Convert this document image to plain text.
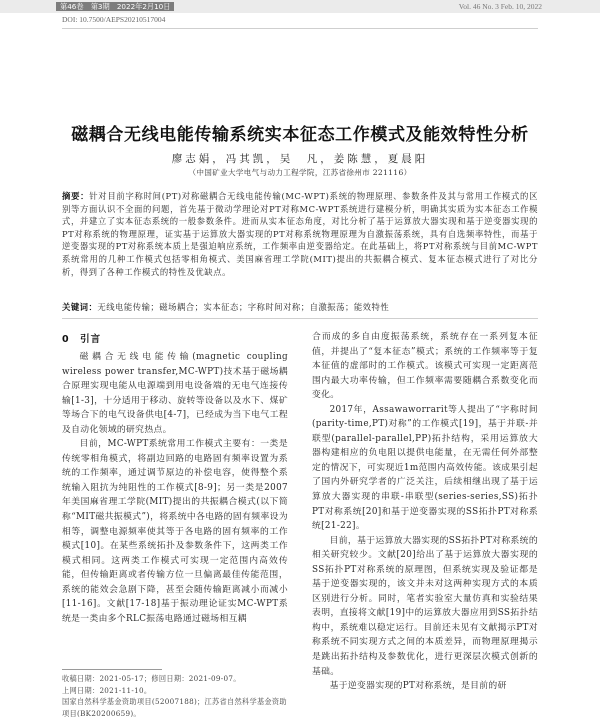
第46卷　第3期　2022年2月10日	Vol. 46 No. 3 Feb. 10, 2022
DOI: 10.7500/AEPS20210517004
磁耦合无线电能传输系统实本征态工作模式及能效特性分析
廖志娟，冯其凯，吴　凡，姜陈慧，夏晨阳
（中国矿业大学电气与动力工程学院，江苏省徐州市 221116）
摘要：针对目前字称时间(PT)对称磁耦合无线电能传输(MC-WPT)系统的物理原理、参数条件及其与常用工作模式的区别等方面认识不全面的问题，首先基于微动学理论对PT对称MC-WPT系统进行建模分析，明确其实质为实本征态工作模式，并建立了实本征态系统的一般参数条件。进而从实本征态角度，对比分析了基于运算放大器实现和基于逆变器实现的PT对称系统的物理原理，证实基于运算放大器实现的PT对称系统物理原理为自激振荡系统，具有自选频率特性，而基于逆变器实现的PT对称系统本质上是强迫响应系统，工作频率由逆变器给定。在此基础上，将PT对称系统与目前MC-WPT系统常用的几种工作模式包括零相角模式、美国麻省理工学院(MIT)提出的共振耦合模式、复本征态模式进行了对比分析，得到了各种工作模式的特性及优缺点。
关键词：无线电能传输；磁场耦合；实本征态；字称时间对称；自激振荡；能效特性
0　引言

磁耦合无线电能传输(magnetic coupling wireless power transfer,MC-WPT)技术基于磁场耦合原理实现电能从电源端到用电设备端的无电气连接传输[1-3]，十分适用于移动、旋转等设备以及水下、煤矿等场合下的电气设备供电[4-7]，已经成为当下电气工程及自动化领域的研究热点。

目前，MC-WPT系统常用工作模式主要有：一类是传统零相角模式，将副边回路的电路固有频率设置为系统的工作频率，通过调节原边的补偿电容，使得整个系统输入阻抗为纯阻性的工作模式[8-9]；另一类是2007年美国麻省理工学院(MIT)提出的共振耦合模式(以下简称“MIT磁共振模式”)，将系统中各电路的固有频率设为相等，调整电源频率使其等于各电路的固有频率的工作模式[10]。在某些系统拓扑及参数条件下，这两类工作模式相同。这两类工作模式可实现一定范围内高效传能，但传输距离或者传输方位一旦偏离最佳传能范围，系统的能效会急剧下降，甚至会随传输距离减小而减小[11-16]。文献[17-18]基于振动理论证实MC-WPT系统是一类由多个RLC振荡电路通过磁场相互耦

合而成的多自由度振荡系统，系统存在一系列复本征值，并提出了“复本征态”模式；系统的工作频率等于复本征值的虚部时的工作模式。该模式可实现一定距离范围内最大功率传输，但工作频率需要随耦合系数变化而变化。

2017年，Assawaworrarit等人提出了“字称时间(parity-time,PT)对称”的工作模式[19]，基于并联-并联型(parallel-parallel,PP)拓扑结构，采用运算放大器构建相应的负电阻以提供电能量，在无需任何外部整定的情况下，可实现近1m范围内高效传能。该成果引起了国内外研究学者的广泛关注，后续相继出现了基于运算放大器实现的串联-串联型(series-series,SS)拓扑PT对称系统[20]和基于逆变器实现的SS拓扑PT对称系统[21-22]。

目前，基于运算放大器实现的SS拓扑PT对称系统的相关研究较少。文献[20]给出了基于运算放大器实现的SS拓扑PT对称系统的原理图，但系统实现及验证都是基于逆变器实现的，该文并未对这两种实现方式的本质区别进行分析。同时，笔者实验室大量仿真和实验结果表明，直接将文献[19]中的运算放大器应用到SS拓扑结构中，系统难以稳定运行。目前还未见有文献揭示PT对称系统不同实现方式之间的本质差异，而物理原理揭示是跳出拓扑结构及参数优化，进行更深层次模式创新的基础。

基于逆变器实现的PT对称系统，是目前的研

收稿日期：2021-05-17；修回日期：2021-09-07。
上网日期：2021-11-10。
国家自然科学基金资助项目(52007188)；江苏省自然科学基金资助项目(BK20200659)。
